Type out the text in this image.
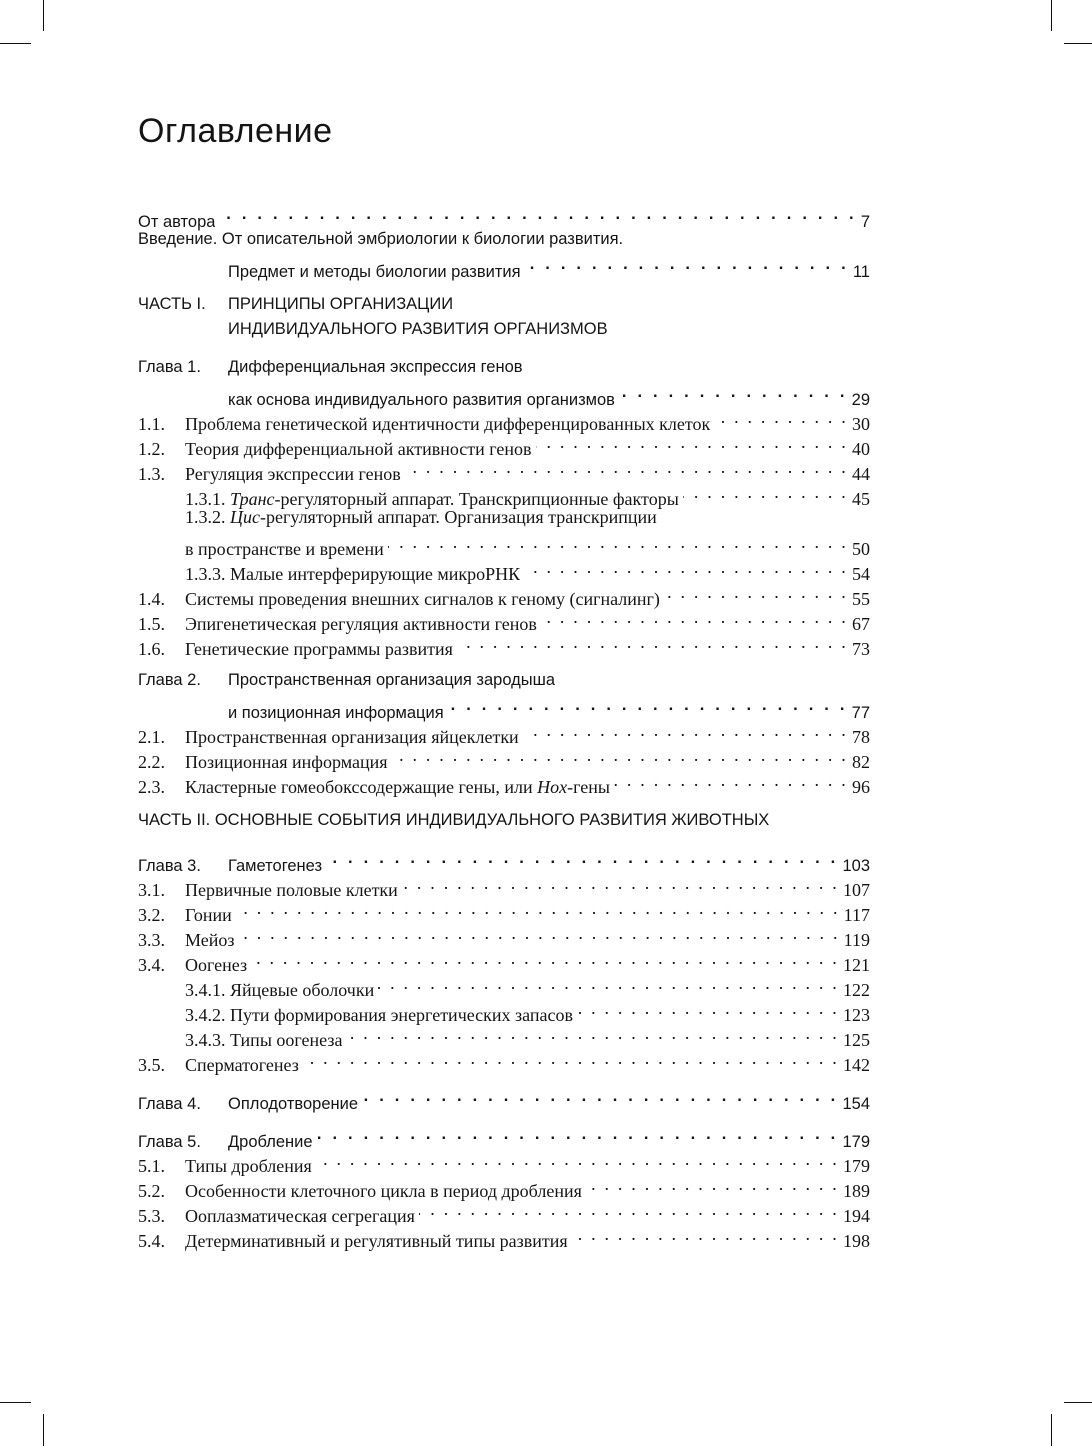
Оглавление
От автора . . .	7
Введение. От описательной эмбриологии к биологии развития.
Предмет и методы биологии развития . . .	11
ЧАСТЬ I.	ПРИНЦИПЫ ОРГАНИЗАЦИИ
ИНДИВИДУАЛЬНОГО РАЗВИТИЯ ОРГАНИЗМОВ
Глава 1.	Дифференциальная экспрессия генов
как основа индивидуального развития организмов . . .	29
1.1.	Проблема генетической идентичности дифференцированных клеток . . .	30
1.2.	Теория дифференциальной активности генов . . .	40
1.3.	Регуляция экспрессии генов . . .	44
1.3.1. Транс-регуляторный аппарат. Транскрипционные факторы . . .	45
1.3.2. Цис-регуляторный аппарат. Организация транскрипции
в пространстве и времени . . .	50
1.3.3. Малые интерферирующие микроРНК . . .	54
1.4.	Системы проведения внешних сигналов к геному (сигналинг) . . .	55
1.5.	Эпигенетическая регуляция активности генов . . .	67
1.6.	Генетические программы развития . . .	73
Глава 2.	Пространственная организация зародыша
и позиционная информация . . .	77
2.1.	Пространственная организация яйцеклетки . . .	78
2.2.	Позиционная информация . . .	82
2.3.	Кластерные гомеобокссодержащие гены, или Hox-гены . . .	96
ЧАСТЬ II. ОСНОВНЫЕ СОБЫТИЯ ИНДИВИДУАЛЬНОГО РАЗВИТИЯ ЖИВОТНЫХ
Глава 3.	Гаметогенез . . .	103
3.1.	Первичные половые клетки . . .	107
3.2.	Гонии . . .	117
3.3.	Мейоз . . .	119
3.4.	Оогенез . . .	121
3.4.1. Яйцевые оболочки . . .	122
3.4.2. Пути формирования энергетических запасов . . .	123
3.4.3. Типы оогенеза . . .	125
3.5.	Сперматогенез . . .	142
Глава 4.	Оплодотворение . . .	154
Глава 5.	Дробление . . .	179
5.1.	Типы дробления . . .	179
5.2.	Особенности клеточного цикла в период дробления . . .	189
5.3.	Ооплазматическая сегрегация . . .	194
5.4.	Детерминативный и регулятивный типы развития . . .	198
